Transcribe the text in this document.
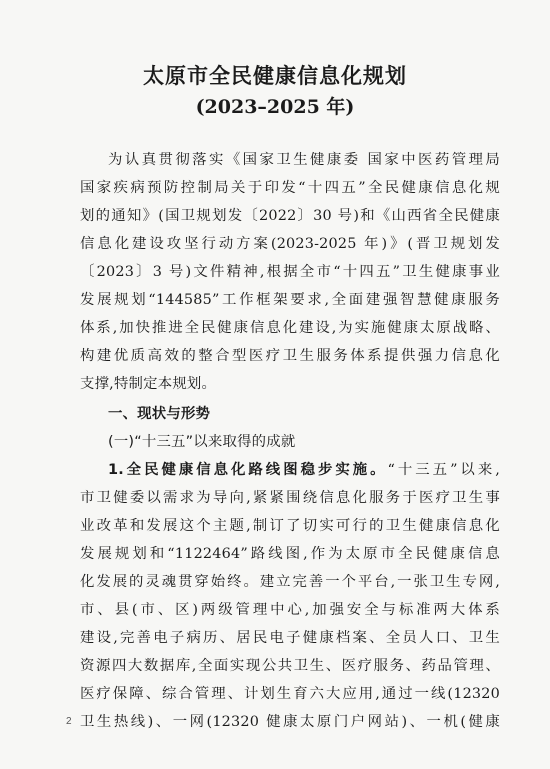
太原市全民健康信息化规划
(2023–2025 年)
为认真贯彻落实《国家卫生健康委 国家中医药管理局
国家疾病预防控制局关于印发“十四五”全民健康信息化规
划的通知》(国卫规划发〔2022〕30 号)和《山西省全民健康
信息化建设攻坚行动方案(2023-2025 年)》(晋卫规划发
〔2023〕3 号)文件精神,根据全市“十四五”卫生健康事业
发展规划“144585”工作框架要求,全面建强智慧健康服务
体系,加快推进全民健康信息化建设,为实施健康太原战略、
构建优质高效的整合型医疗卫生服务体系提供强力信息化
支撑,特制定本规划。
一、现状与形势
(一)“十三五”以来取得的成就
1.全民健康信息化路线图稳步实施。“十三五”以来,
市卫健委以需求为导向,紧紧围绕信息化服务于医疗卫生事
业改革和发展这个主题,制订了切实可行的卫生健康信息化
发展规划和“1122464”路线图,作为太原市全民健康信息
化发展的灵魂贯穿始终。建立完善一个平台,一张卫生专网,
市、县(市、区)两级管理中心,加强安全与标准两大体系
建设,完善电子病历、居民电子健康档案、全员人口、卫生
资源四大数据库,全面实现公共卫生、医疗服务、药品管理、
医疗保障、综合管理、计划生育六大应用,通过一线(12320
卫生热线)、一网(12320 健康太原门户网站)、一机(健康
2
